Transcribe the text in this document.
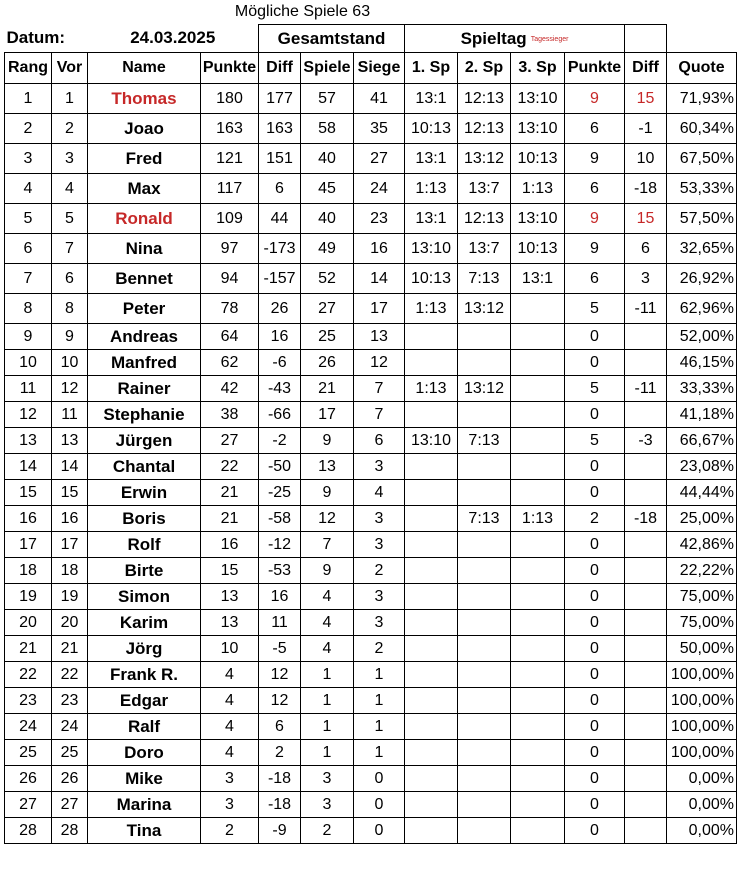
Mögliche Spiele 63
Datum:		24.03.2025		Gesamtstand			Spieltag Tagessieger					
Rang	Vor	Name	Punkte	Diff	Spiele	Siege	1. Sp	2. Sp	3. Sp	Punkte	Diff	Quote
1	1	Thomas	180	177	57	41	13:1	12:13	13:10	9	15	71,93%
2	2	Joao	163	163	58	35	10:13	12:13	13:10	6	-1	60,34%
3	3	Fred	121	151	40	27	13:1	13:12	10:13	9	10	67,50%
4	4	Max	117	6	45	24	1:13	13:7	1:13	6	-18	53,33%
5	5	Ronald	109	44	40	23	13:1	12:13	13:10	9	15	57,50%
6	7	Nina	97	-173	49	16	13:10	13:7	10:13	9	6	32,65%
7	6	Bennet	94	-157	52	14	10:13	7:13	13:1	6	3	26,92%
8	8	Peter	78	26	27	17	1:13	13:12		5	-11	62,96%
9	9	Andreas	64	16	25	13				0		52,00%
10	10	Manfred	62	-6	26	12				0		46,15%
11	12	Rainer	42	-43	21	7	1:13	13:12		5	-11	33,33%
12	11	Stephanie	38	-66	17	7				0		41,18%
13	13	Jürgen	27	-2	9	6	13:10	7:13		5	-3	66,67%
14	14	Chantal	22	-50	13	3				0		23,08%
15	15	Erwin	21	-25	9	4				0		44,44%
16	16	Boris	21	-58	12	3		7:13	1:13	2	-18	25,00%
17	17	Rolf	16	-12	7	3				0		42,86%
18	18	Birte	15	-53	9	2				0		22,22%
19	19	Simon	13	16	4	3				0		75,00%
20	20	Karim	13	11	4	3				0		75,00%
21	21	Jörg	10	-5	4	2				0		50,00%
22	22	Frank R.	4	12	1	1				0		100,00%
23	23	Edgar	4	12	1	1				0		100,00%
24	24	Ralf	4	6	1	1				0		100,00%
25	25	Doro	4	2	1	1				0		100,00%
26	26	Mike	3	-18	3	0				0		0,00%
27	27	Marina	3	-18	3	0				0		0,00%
28	28	Tina	2	-9	2	0				0		0,00%
